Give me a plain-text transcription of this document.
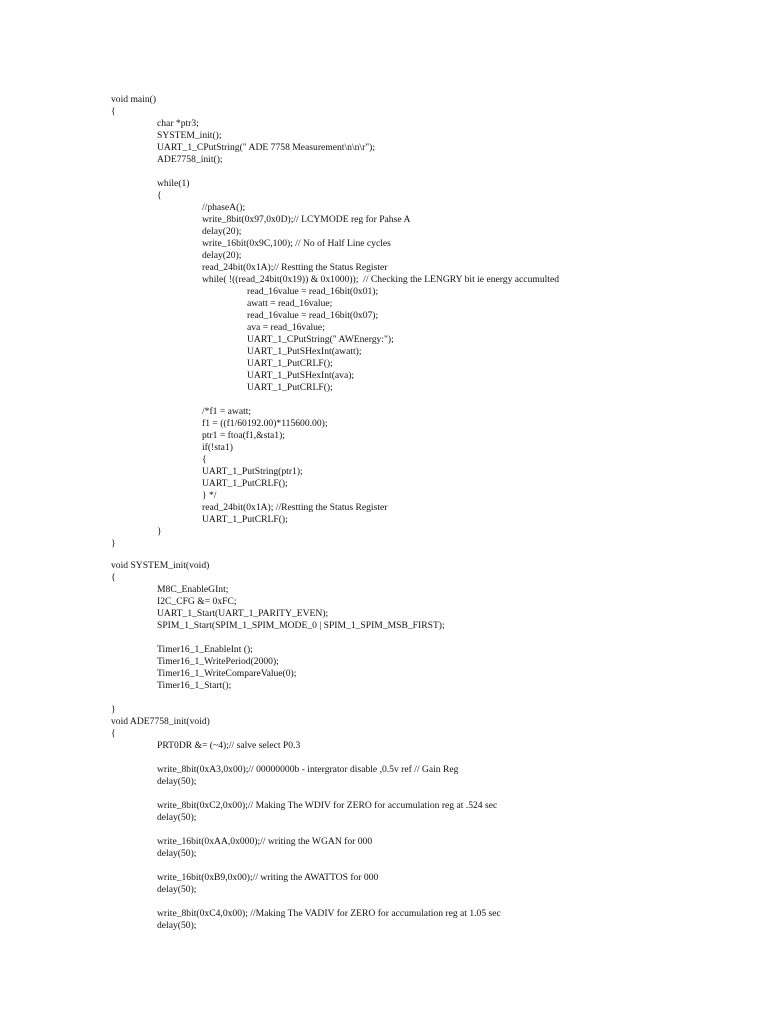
void main()
{
char *ptr3;
SYSTEM_init();
UART_1_CPutString(" ADE 7758 Measurement\n\n\r");
ADE7758_init();
while(1)
{
//phaseA();
write_8bit(0x97,0x0D);// LCYMODE reg for Pahse A
delay(20);
write_16bit(0x9C,100); // No of Half Line cycles
delay(20);
read_24bit(0x1A);// Restting the Status Register
while( !((read_24bit(0x19)) & 0x1000));  // Checking the LENGRY bit ie energy accumulted
read_16value = read_16bit(0x01);
awatt = read_16value;
read_16value = read_16bit(0x07);
ava = read_16value;
UART_1_CPutString(" AWEnergy:");
UART_1_PutSHexInt(awatt);
UART_1_PutCRLF();
UART_1_PutSHexInt(ava);
UART_1_PutCRLF();
/*f1 = awatt;
f1 = ((f1/60192.00)*115600.00);
ptr1 = ftoa(f1,&sta1);
if(!sta1)
{
UART_1_PutString(ptr1);
UART_1_PutCRLF();
} */
read_24bit(0x1A); //Restting the Status Register
UART_1_PutCRLF();
}
}
void SYSTEM_init(void)
{
M8C_EnableGInt;
I2C_CFG &= 0xFC;
UART_1_Start(UART_1_PARITY_EVEN);
SPIM_1_Start(SPIM_1_SPIM_MODE_0 | SPIM_1_SPIM_MSB_FIRST);
Timer16_1_EnableInt ();
Timer16_1_WritePeriod(2000);
Timer16_1_WriteCompareValue(0);
Timer16_1_Start();
}
void ADE7758_init(void)
{
PRT0DR &= (~4);// salve select P0.3
write_8bit(0xA3,0x00);// 00000000b - intergrator disable ,0.5v ref // Gain Reg
delay(50);
write_8bit(0xC2,0x00);// Making The WDIV for ZERO for accumulation reg at .524 sec
delay(50);
write_16bit(0xAA,0x000);// writing the WGAN for 000
delay(50);
write_16bit(0xB9,0x00);// writing the AWATTOS for 000
delay(50);
write_8bit(0xC4,0x00); //Making The VADIV for ZERO for accumulation reg at 1.05 sec
delay(50);
